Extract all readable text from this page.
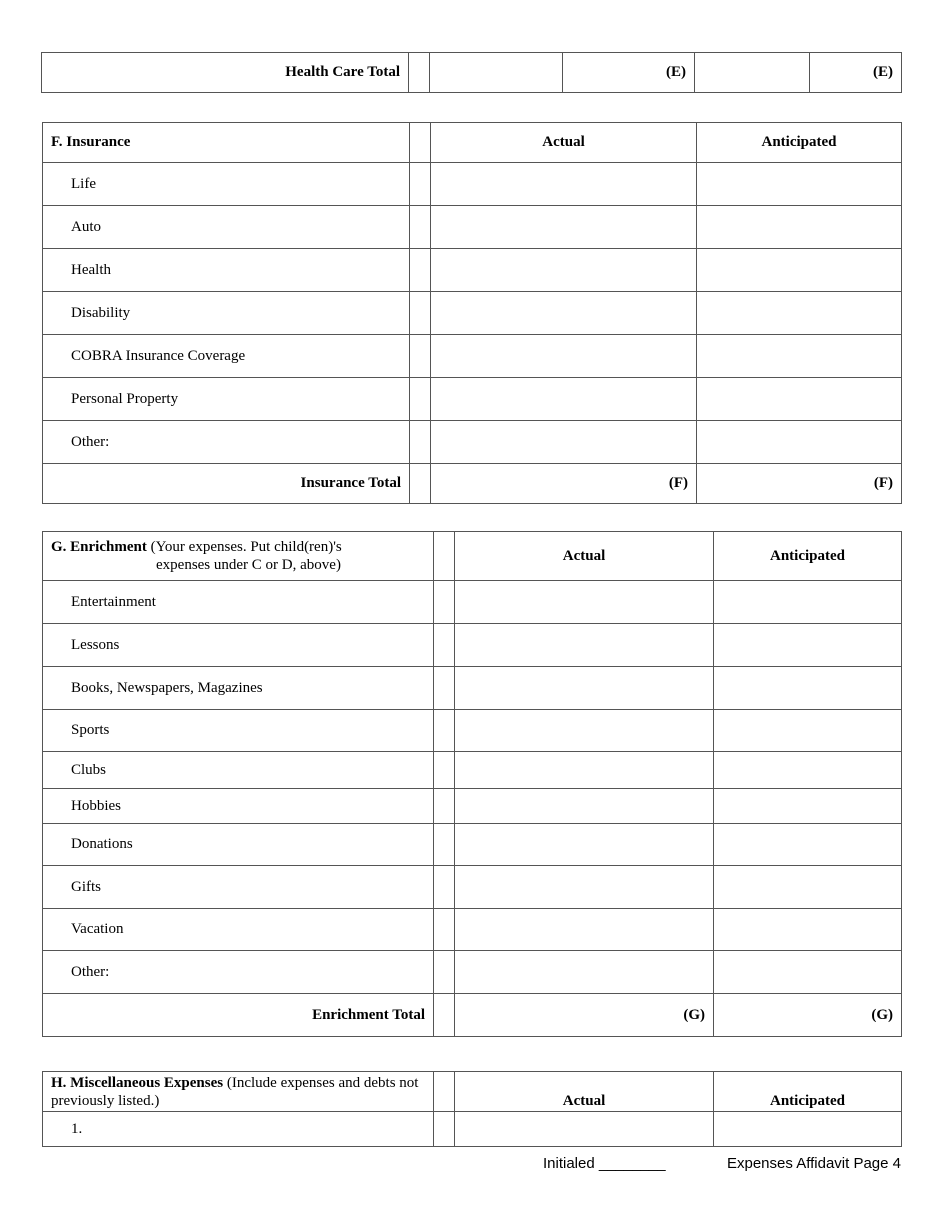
Health Care Total			(E)		(E)
F. Insurance		Actual	Anticipated
Life			
Auto			
Health			
Disability			
COBRA Insurance Coverage			
Personal Property			
Other:			
Insurance Total		(F)	(F)
G. Enrichment (Your expenses. Put child(ren)'s
expenses under C or D, above)		Actual	Anticipated
Entertainment			
Lessons			
Books, Newspapers, Magazines			
Sports			
Clubs			
Hobbies			
Donations			
Gifts			
Vacation			
Other:			
Enrichment Total		(G)	(G)
H. Miscellaneous Expenses (Include expenses and debts not previously listed.)		Actual	Anticipated
1.			
Initialed ________	Expenses Affidavit Page 4
